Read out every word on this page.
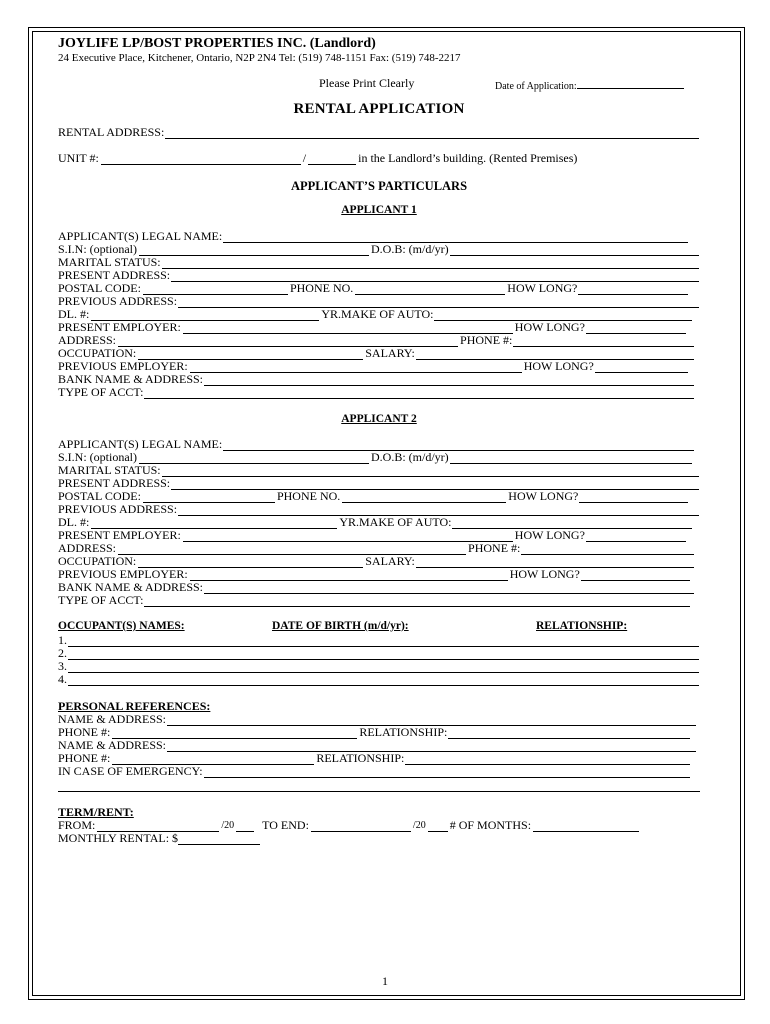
JOYLIFE LP/BOST PROPERTIES INC. (Landlord)
24 Executive Place, Kitchener, Ontario, N2P 2N4 Tel: (519) 748-1151 Fax: (519) 748-2217
Please Print Clearly	Date of Application:
RENTAL APPLICATION
RENTAL ADDRESS:
UNIT #:	/	in the Landlord’s building. (Rented Premises)
APPLICANT’S PARTICULARS
APPLICANT 1
APPLICANT(S) LEGAL NAME:
S.I.N: (optional)	D.O.B: (m/d/yr)
MARITAL STATUS:
PRESENT ADDRESS:
POSTAL CODE:	PHONE NO.	HOW LONG?
PREVIOUS ADDRESS:
DL. #:	YR.MAKE OF AUTO:
PRESENT EMPLOYER:	HOW LONG?
ADDRESS:	PHONE #:
OCCUPATION:	SALARY:
PREVIOUS EMPLOYER:	HOW LONG?
BANK NAME & ADDRESS:
TYPE OF ACCT:
APPLICANT 2
APPLICANT(S) LEGAL NAME:
S.I.N: (optional)	D.O.B: (m/d/yr)
MARITAL STATUS:
PRESENT ADDRESS:
POSTAL CODE:	PHONE NO.	HOW LONG?
PREVIOUS ADDRESS:
DL. #:	YR.MAKE OF AUTO:
PRESENT EMPLOYER:	HOW LONG?
ADDRESS:	PHONE #:
OCCUPATION:	SALARY:
PREVIOUS EMPLOYER:	HOW LONG?
BANK NAME & ADDRESS:
TYPE OF ACCT:
OCCUPANT(S) NAMES:	DATE OF BIRTH (m/d/yr):	RELATIONSHIP:
1.
2.
3.
4.
PERSONAL REFERENCES:
NAME & ADDRESS:
PHONE #:	RELATIONSHIP:
NAME & ADDRESS:
PHONE #:	RELATIONSHIP:
IN CASE OF EMERGENCY:
TERM/RENT:
FROM:	/20 TO END:	/20 # OF MONTHS:
MONTHLY RENTAL: $
1
